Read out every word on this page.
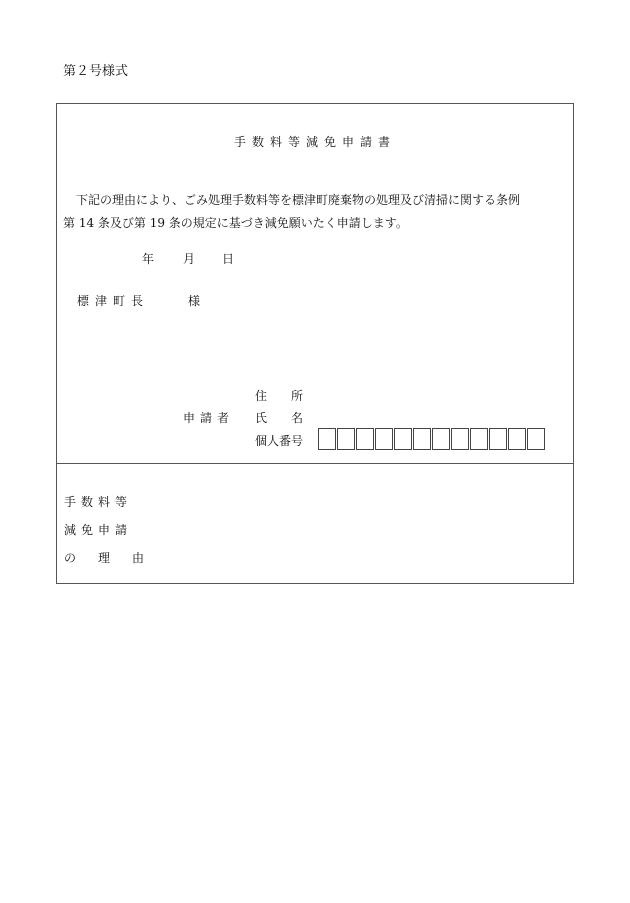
第２号様式
手数料等減免申請書

下記の理由により、ごみ処理手数料等を標津町廃棄物の処理及び清掃に関する条例

第 14 条及び第 19 条の規定に基づき減免願いたく申請します。

年 月 日
標津町長	様
住　　所
申請者 氏　　名
個人番号
手数料等
減免申請
の　理　由
